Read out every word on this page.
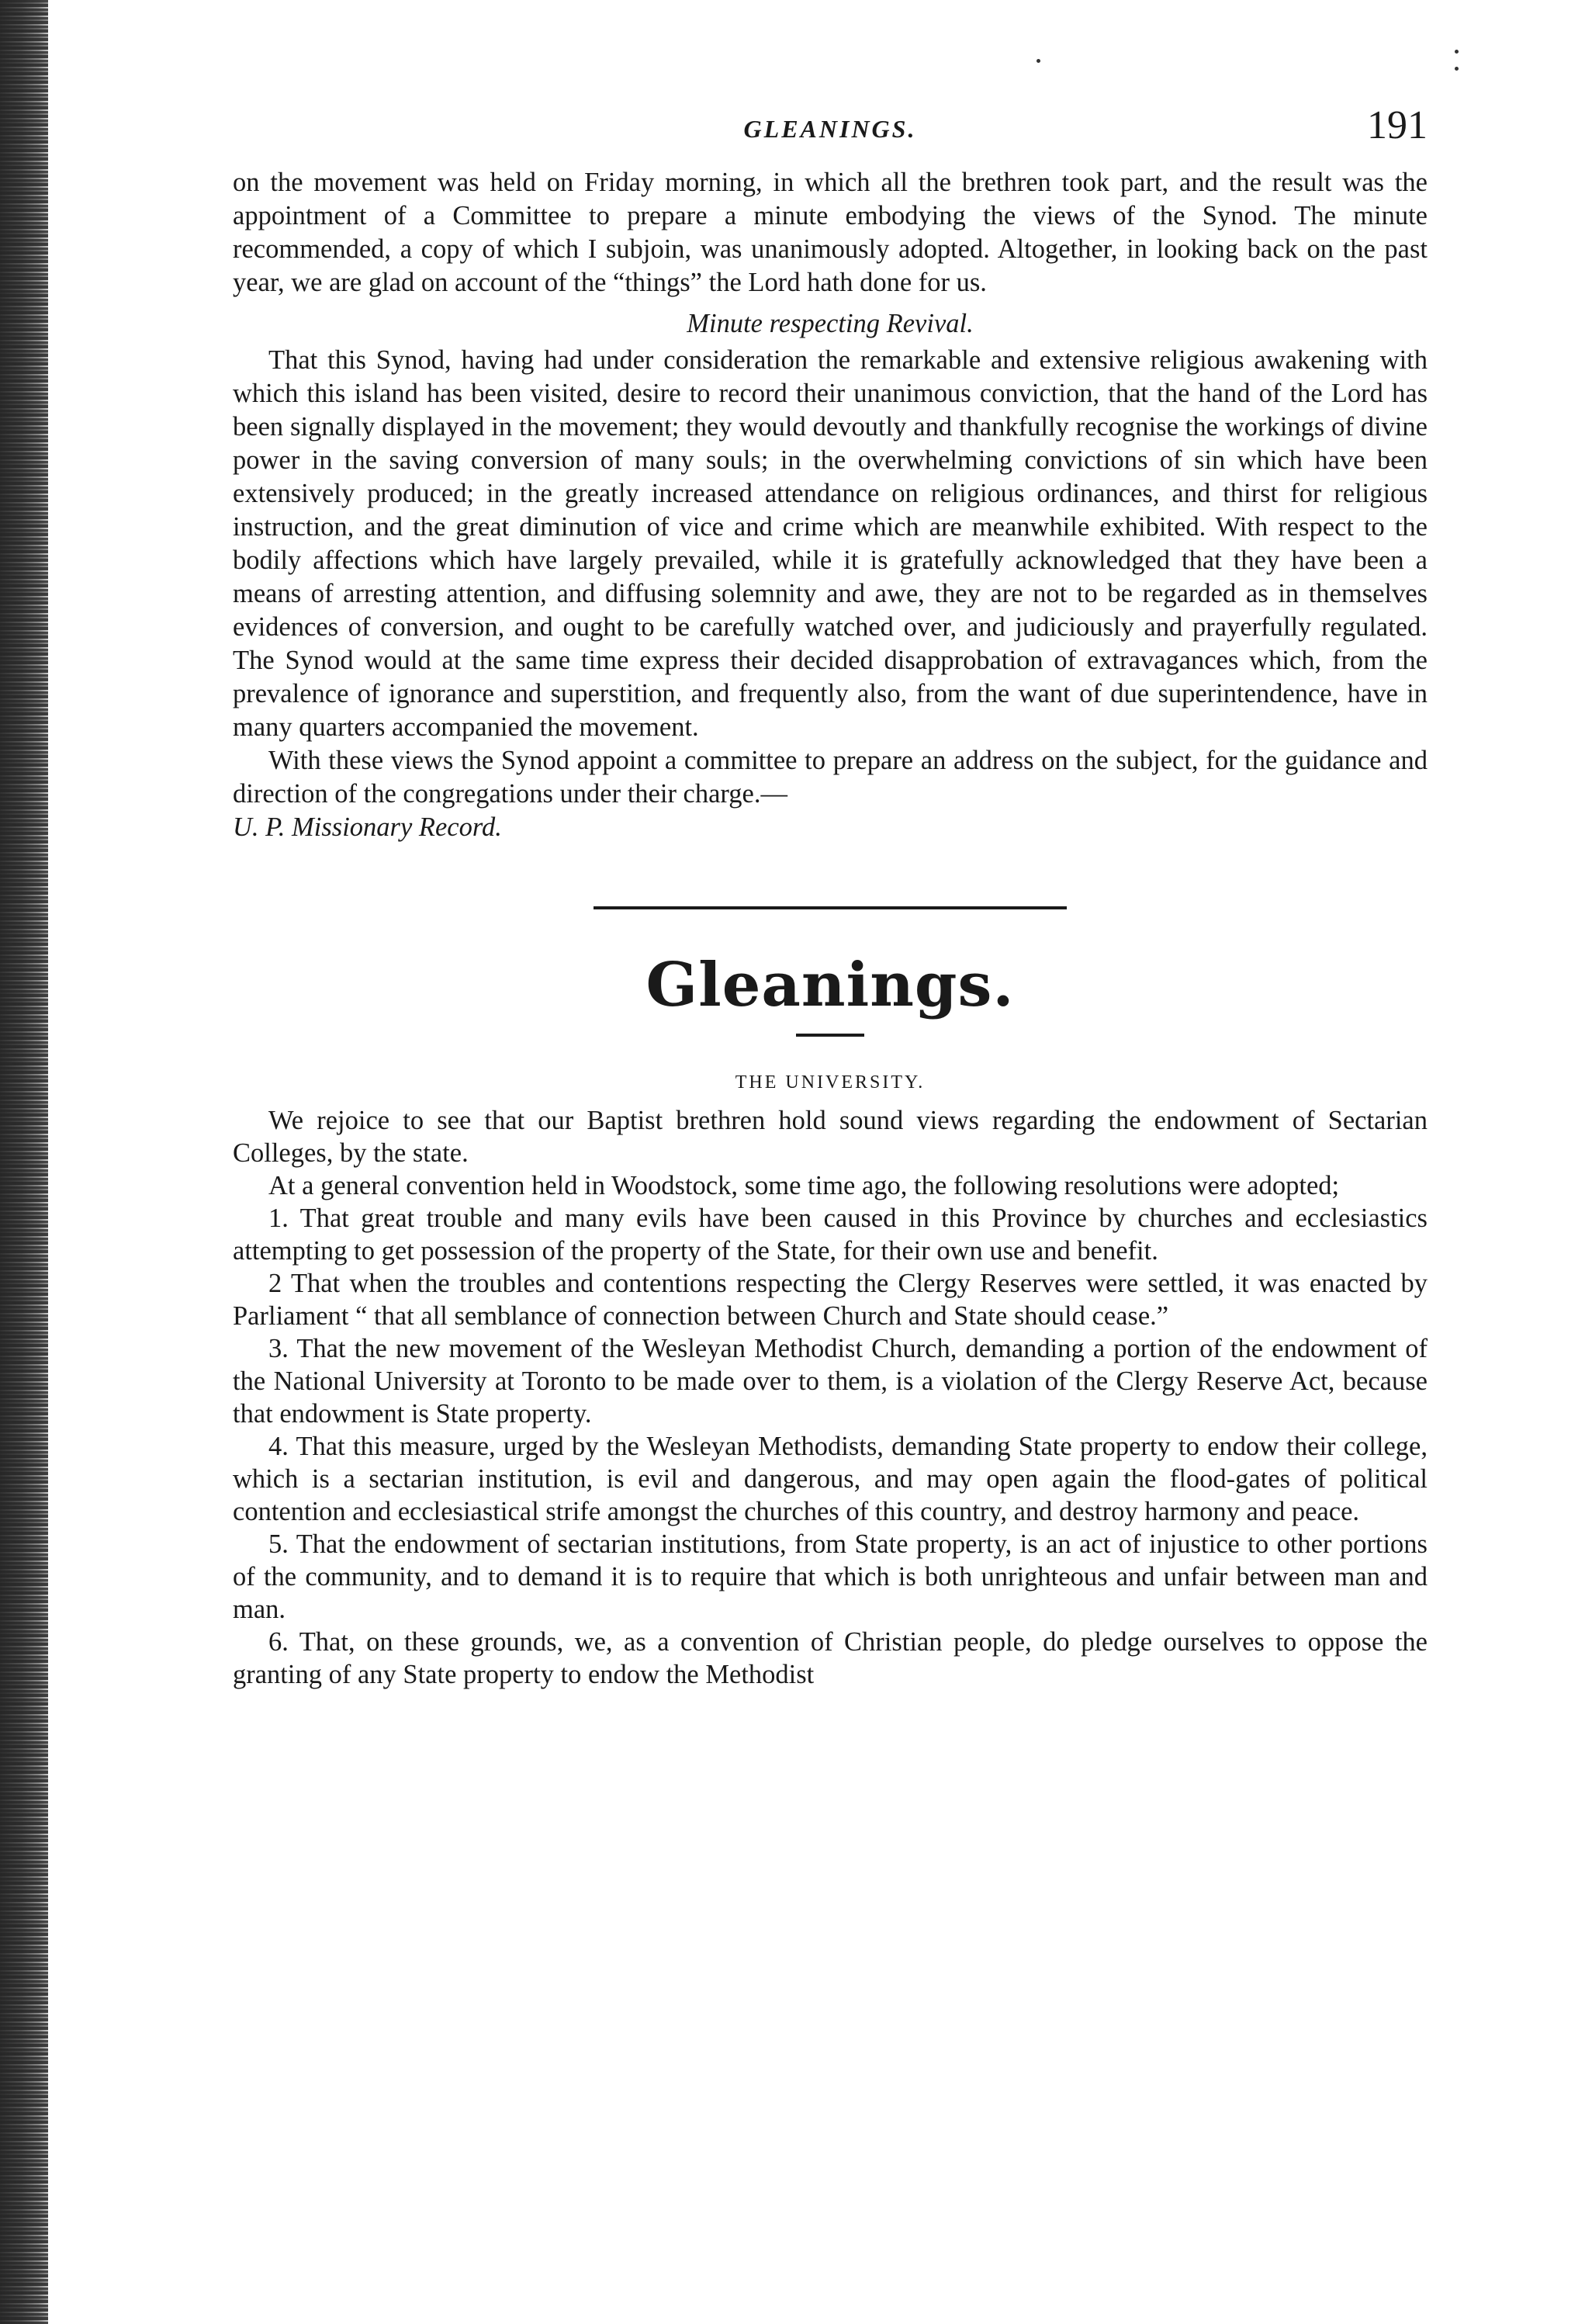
GLEANINGS.	191

on the movement was held on Friday morning, in which all the brethren took part, and the result was the appointment of a Committee to prepare a minute embodying the views of the Synod. The minute recommended, a copy of which I subjoin, was unanimously adopted. Altogether, in looking back on the past year, we are glad on account of the “things” the Lord hath done for us.

Minute respecting Revival.

That this Synod, having had under consideration the remarkable and extensive religious awakening with which this island has been visited, desire to record their unanimous conviction, that the hand of the Lord has been signally displayed in the movement; they would devoutly and thankfully recognise the workings of divine power in the saving conversion of many souls; in the overwhelming convictions of sin which have been extensively produced; in the greatly increased attendance on religious ordinances, and thirst for religious instruction, and the great diminution of vice and crime which are meanwhile exhibited. With respect to the bodily affections which have largely prevailed, while it is gratefully acknowledged that they have been a means of arresting attention, and diffusing solemnity and awe, they are not to be regarded as in themselves evidences of conversion, and ought to be carefully watched over, and judiciously and prayerfully regulated. The Synod would at the same time express their decided disapprobation of extravagances which, from the prevalence of ignorance and superstition, and frequently also, from the want of due superintendence, have in many quarters accompanied the movement.

With these views the Synod appoint a committee to prepare an address on the subject, for the guidance and direction of the congregations under their charge.—

U. P. Missionary Record.

Gleanings.
THE UNIVERSITY.

We rejoice to see that our Baptist brethren hold sound views regarding the endowment of Sectarian Colleges, by the state.

At a general convention held in Woodstock, some time ago, the following resolutions were adopted;

1. That great trouble and many evils have been caused in this Province by churches and ecclesiastics attempting to get possession of the property of the State, for their own use and benefit.

2 That when the troubles and contentions respecting the Clergy Reserves were settled, it was enacted by Parliament “ that all semblance of connection between Church and State should cease.”

3. That the new movement of the Wesleyan Methodist Church, demanding a portion of the endowment of the National University at Toronto to be made over to them, is a violation of the Clergy Reserve Act, because that endowment is State property.

4. That this measure, urged by the Wesleyan Methodists, demanding State property to endow their college, which is a sectarian institution, is evil and dangerous, and may open again the flood-gates of political contention and ecclesiastical strife amongst the churches of this country, and destroy harmony and peace.

5. That the endowment of sectarian institutions, from State property, is an act of injustice to other portions of the community, and to demand it is to require that which is both unrighteous and unfair between man and man.

6. That, on these grounds, we, as a convention of Christian people, do pledge ourselves to oppose the granting of any State property to endow the Methodist
